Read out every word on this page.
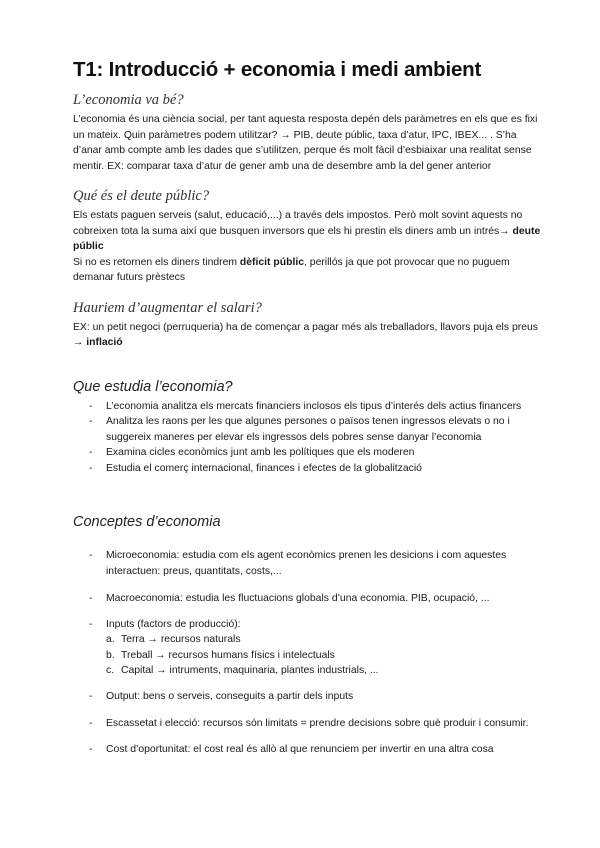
T1: Introducció + economia i medi ambient
L’economia va bé?

L’economia és una ciència social, per tant aquesta resposta depén dels paràmetres en els que es fixi un mateix. Quin paràmetres podem utilitzar? → PIB, deute públic, taxa d’atur, IPC, IBEX... . S’ha d’anar amb compte amb les dades que s’utilitzen, perque és molt fàcil d’esbiaixar una realitat sense mentir. EX: comparar taxa d’atur de gener amb una de desembre amb la del gener anterior

Qué és el deute públic?

Els estats paguen serveis (salut, educació,...) a través dels impostos. Però molt sovint aquests no cobreixen tota la suma així que busquen inversors que els hi prestin els diners amb un intrés→ deute públic

Si no es retornen els diners tindrem dèficit públic, perillós ja que pot provocar que no puguem demanar futurs prèstecs

Hauriem d’augmentar el salari?

EX: un petit negoci (perruqueria) ha de començar a pagar més als treballadors, llavors puja els preus → inflació

Que estudia l’economia?
- L’economia analitza els mercats financiers inclosos els tipus d’interés dels actius financers
- Analitza les raons per les que algunes persones o països tenen ingressos elevats o no i suggereix maneres per elevar els ingressos dels pobres sense danyar l’economia
- Examina cicles econòmics junt amb les polítiques que els moderen
- Estudia el comerç internacional, finances i efectes de la globalització
Conceptes d’economia
- Microeconomia: estudia com els agent econòmics prenen les desicions i com aquestes interactuen: preus, quantitats, costs,...
- Macroeconomia: estudia les fluctuacions globals d’una economia. PIB, ocupació, ...
- Inputs (factors de producció):
a. Terra → recursos naturals
b. Treball → recursos humans físics i intelectuals
c. Capital → intruments, maquinaria, plantes industrials, ...
- Output: bens o serveis, conseguits a partir dels inputs
- Escassetat i elecció: recursos són limitats = prendre decisions sobre què produir i consumir.
- Cost d’oportunitat: el cost real és allò al que renunciem per invertir en una altra cosa
